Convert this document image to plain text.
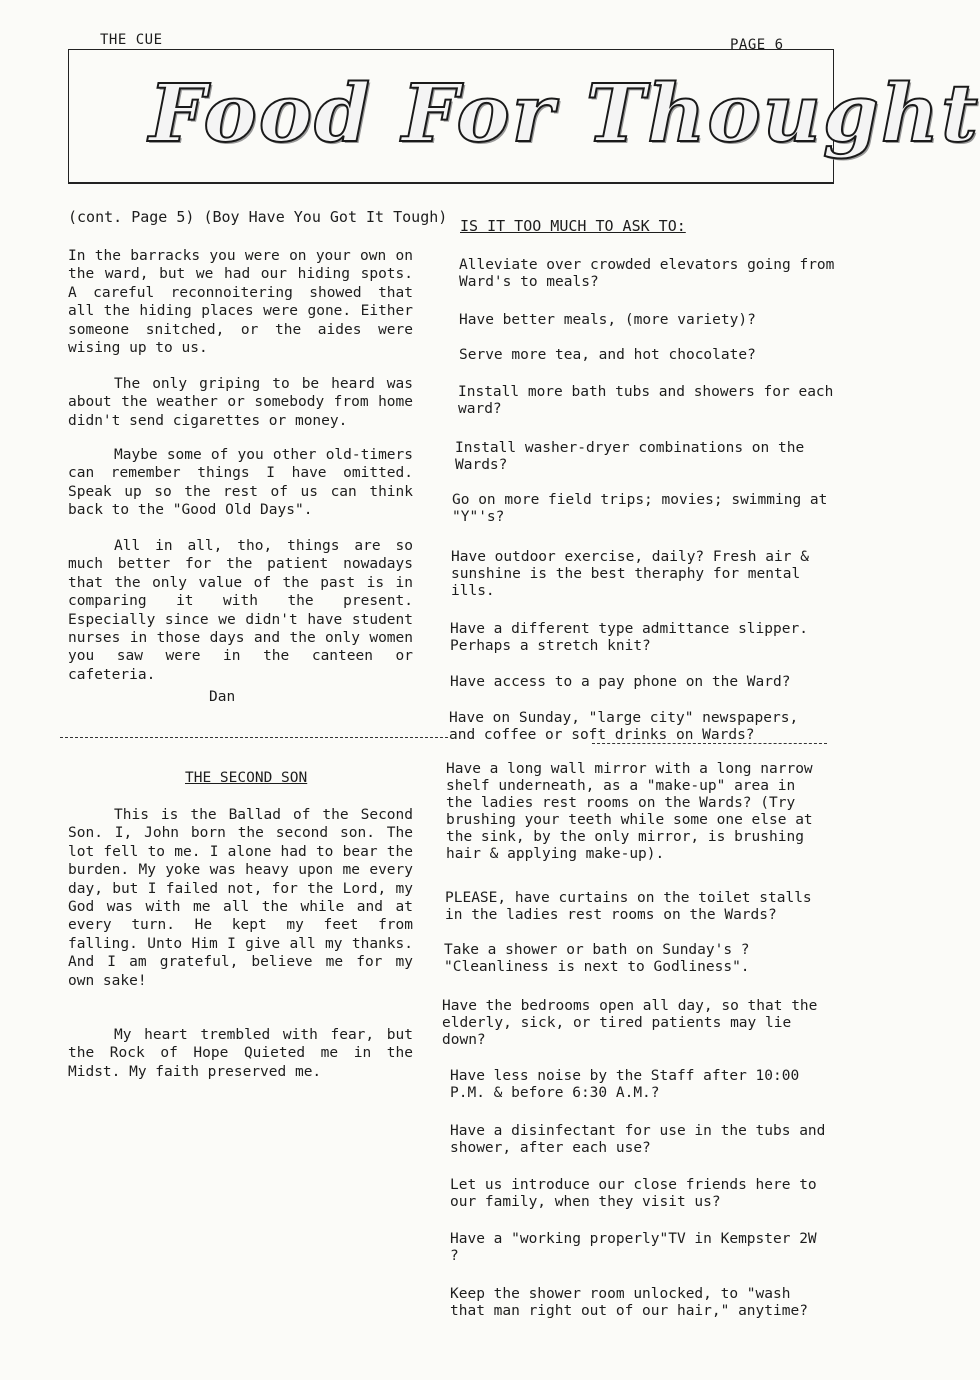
THE CUE	PAGE 6
Food For Thought
(cont. Page 5) (Boy Have You Got It Tough) IS IT TOO MUCH TO ASK TO:

In the barracks you were on your own on the ward, but we had our hiding spots. A careful reconnoitering showed that all the hiding places were gone. Either someone snitched, or the aides were wising up to us.

The only griping to be heard was about the weather or somebody from home didn't send cigarettes or money.

Maybe some of you other old-timers can remember things I have omitted. Speak up so the rest of us can think back to the "Good Old Days".

All in all, tho, things are so much better for the patient nowadays that the only value of the past is in comparing it with the present. Especially since we didn't have student nurses in those days and the only women you saw were in the canteen or cafeteria.

Dan
THE SECOND SON

This is the Ballad of the Second Son. I, John born the second son. The lot fell to me. I alone had to bear the burden. My yoke was heavy upon me every day, but I failed not, for the Lord, my God was with me all the while and at every turn. He kept my feet from falling. Unto Him I give all my thanks. And I am grateful, believe me for my own sake!

My heart trembled with fear, but the Rock of Hope Quieted me in the Midst. My faith preserved me.

Alleviate over crowded elevators going from Ward's to meals?

Have better meals, (more variety)?

Serve more tea, and hot chocolate?

Install more bath tubs and showers for each ward?

Install washer-dryer combinations on the Wards?

Go on more field trips; movies; swimming at "Y"'s?

Have outdoor exercise, daily? Fresh air & sunshine is the best theraphy for mental ills.

Have a different type admittance slipper. Perhaps a stretch knit?

Have access to a pay phone on the Ward?

Have on Sunday, "large city" newspapers, and coffee or soft drinks on Wards?

Have a long wall mirror with a long narrow shelf underneath, as a "make-up" area in the ladies rest rooms on the Wards? (Try brushing your teeth while some one else at the sink, by the only mirror, is brushing hair & applying make-up).

PLEASE, have curtains on the toilet stalls in the ladies rest rooms on the Wards?

Take a shower or bath on Sunday's ? "Cleanliness is next to Godliness".

Have the bedrooms open all day, so that the elderly, sick, or tired patients may lie down?

Have less noise by the Staff after 10:00 P.M. & before 6:30 A.M.?

Have a disinfectant for use in the tubs and shower, after each use?

Let us introduce our close friends here to our family, when they visit us?

Have a "working properly"TV in Kempster 2W ?

Keep the shower room unlocked, to "wash that man right out of our hair," anytime?
